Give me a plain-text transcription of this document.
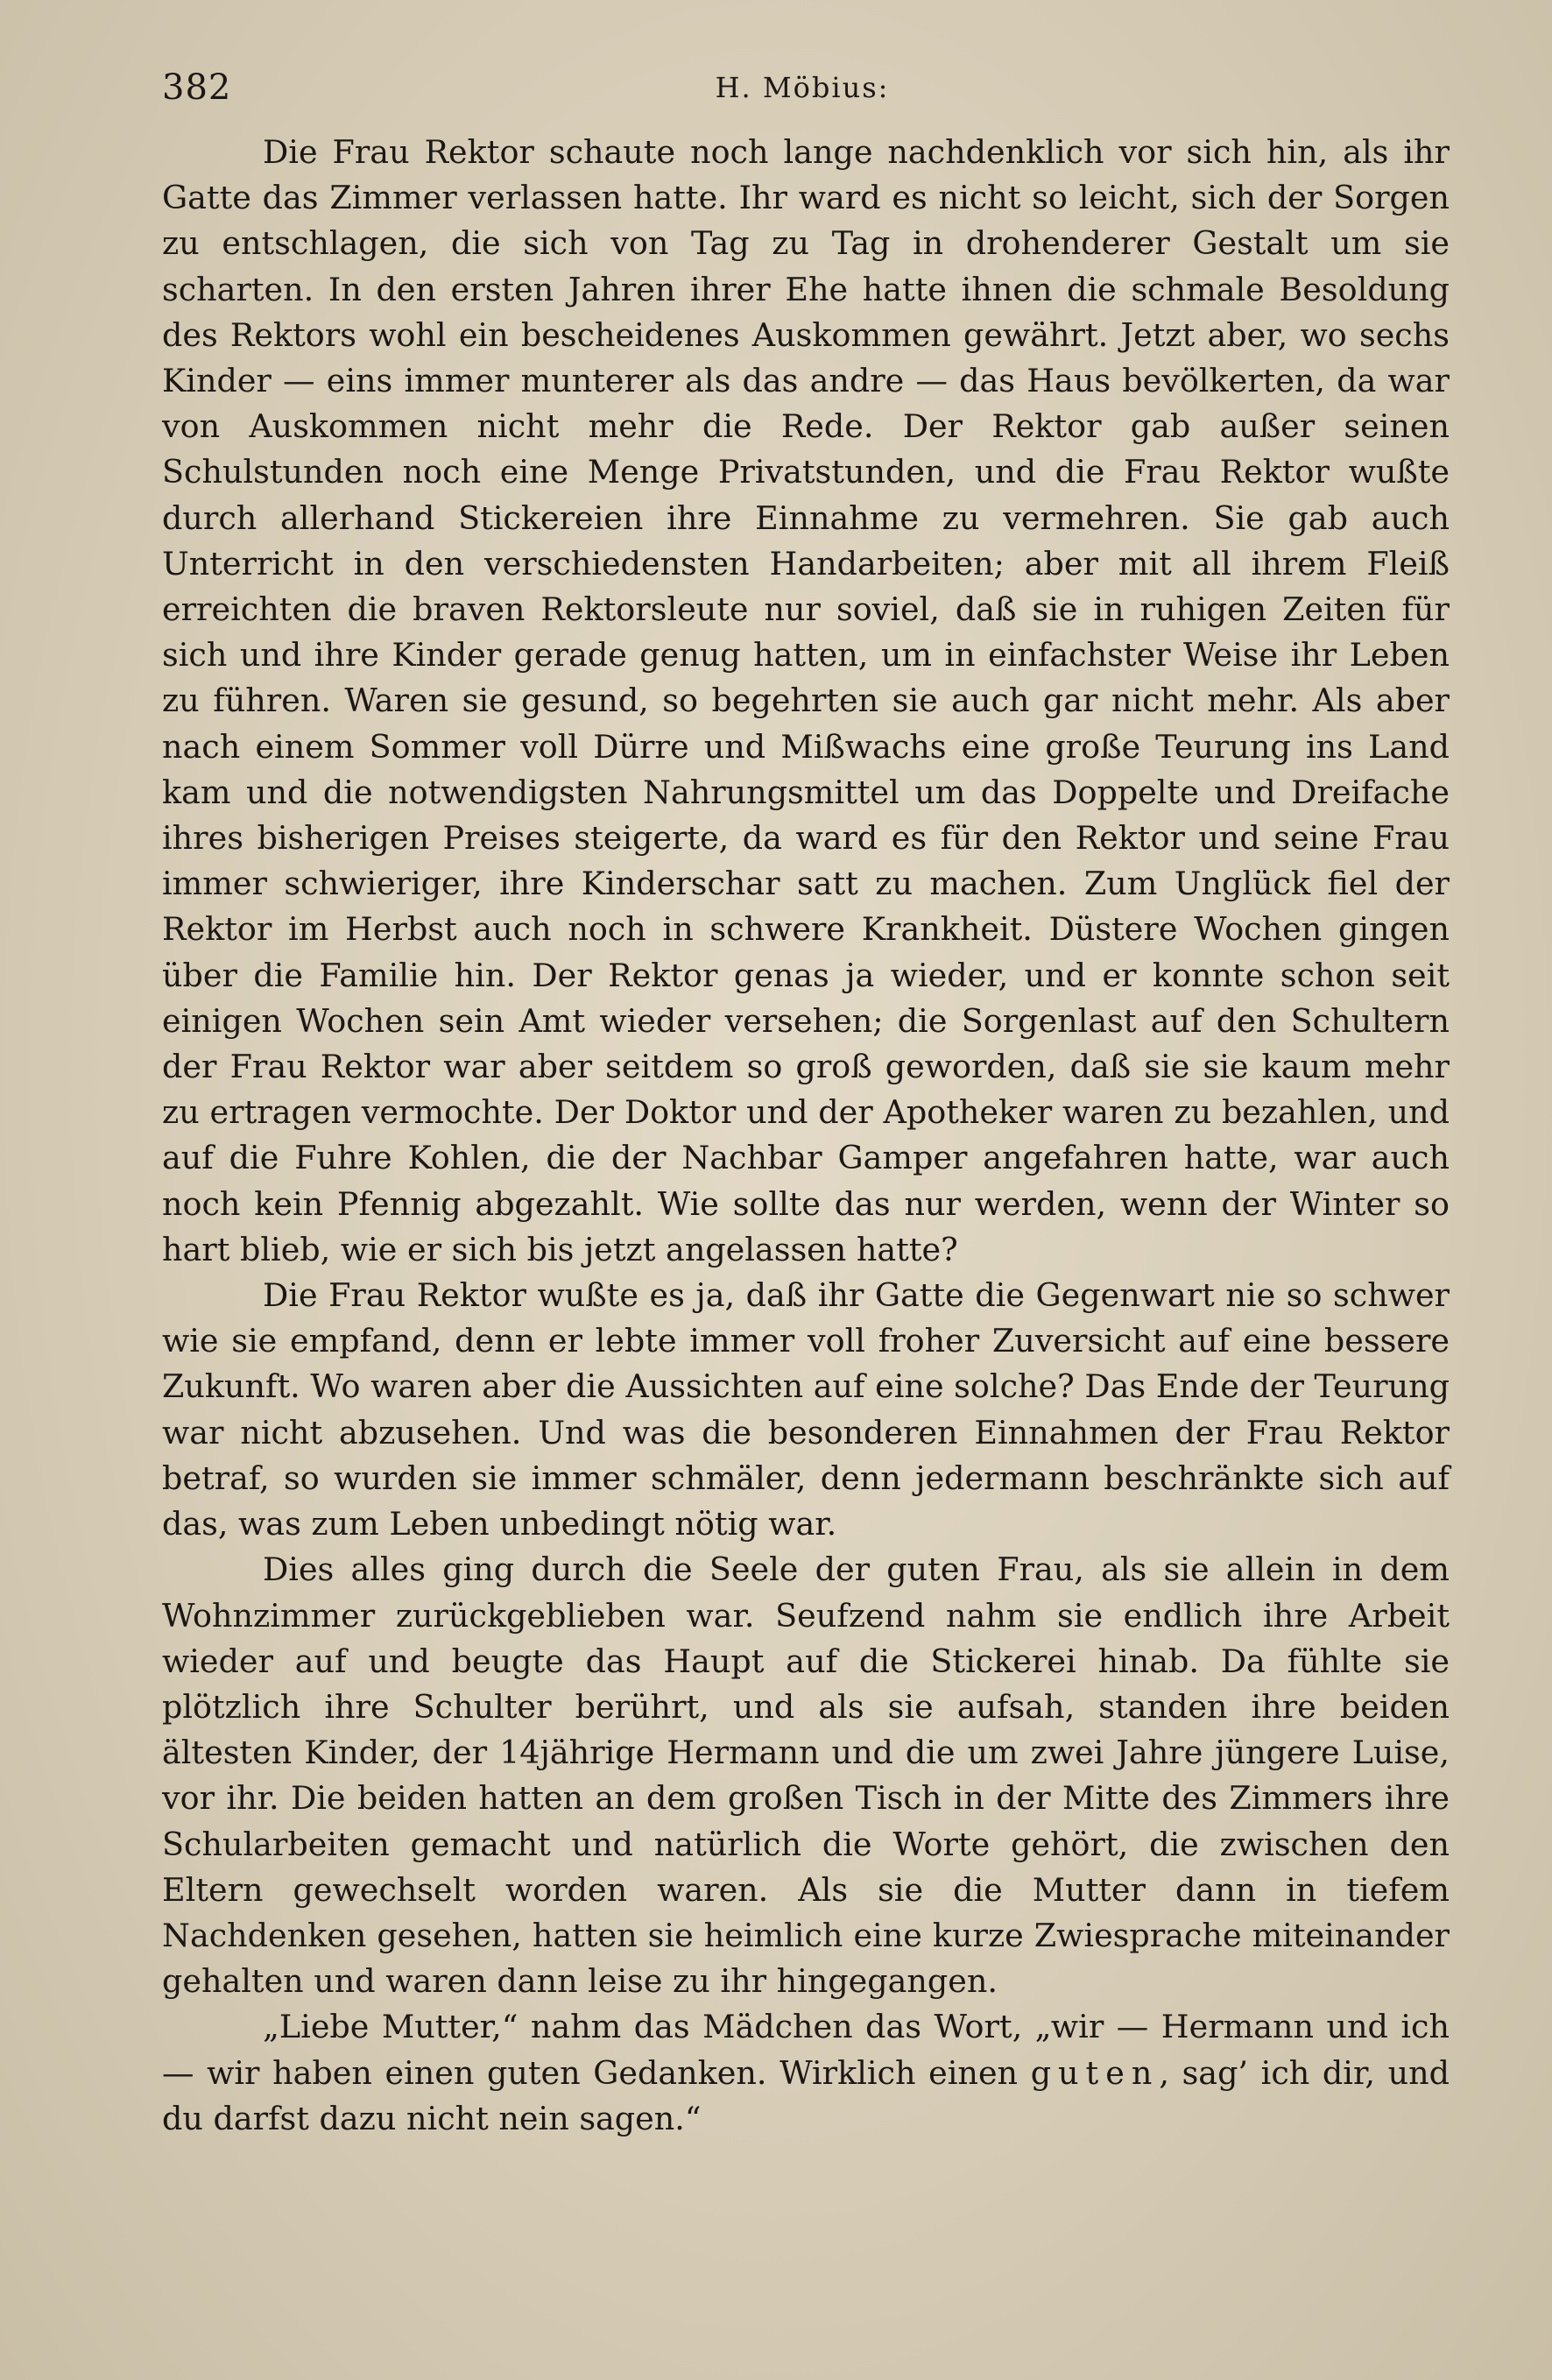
382	H. Möbius:

Die Frau Rektor schaute noch lange nachdenklich vor sich hin, als ihr Gatte das Zimmer verlassen hatte. Ihr ward es nicht so leicht, sich der Sorgen zu entschlagen, die sich von Tag zu Tag in drohenderer Gestalt um sie scharten. In den ersten Jahren ihrer Ehe hatte ihnen die schmale Besoldung des Rektors wohl ein bescheidenes Auskommen gewährt. Jetzt aber, wo sechs Kinder — eins immer munterer als das andre — das Haus bevölkerten, da war von Auskommen nicht mehr die Rede. Der Rektor gab außer seinen Schulstunden noch eine Menge Privatstunden, und die Frau Rektor wußte durch allerhand Stickereien ihre Einnahme zu vermehren. Sie gab auch Unterricht in den verschiedensten Handarbeiten; aber mit all ihrem Fleiß erreichten die braven Rektorsleute nur soviel, daß sie in ruhigen Zeiten für sich und ihre Kinder gerade genug hatten, um in einfachster Weise ihr Leben zu führen. Waren sie gesund, so begehrten sie auch gar nicht mehr. Als aber nach einem Sommer voll Dürre und Mißwachs eine große Teurung ins Land kam und die notwendigsten Nahrungsmittel um das Doppelte und Dreifache ihres bisherigen Preises steigerte, da ward es für den Rektor und seine Frau immer schwieriger, ihre Kinderschar satt zu machen. Zum Unglück fiel der Rektor im Herbst auch noch in schwere Krankheit. Düstere Wochen gingen über die Familie hin. Der Rektor genas ja wieder, und er konnte schon seit einigen Wochen sein Amt wieder versehen; die Sorgenlast auf den Schultern der Frau Rektor war aber seitdem so groß geworden, daß sie sie kaum mehr zu ertragen vermochte. Der Doktor und der Apotheker waren zu bezahlen, und auf die Fuhre Kohlen, die der Nachbar Gamper angefahren hatte, war auch noch kein Pfennig abgezahlt. Wie sollte das nur werden, wenn der Winter so hart blieb, wie er sich bis jetzt angelassen hatte?

Die Frau Rektor wußte es ja, daß ihr Gatte die Gegenwart nie so schwer wie sie empfand, denn er lebte immer voll froher Zuversicht auf eine bessere Zukunft. Wo waren aber die Aussichten auf eine solche? Das Ende der Teurung war nicht abzusehen. Und was die besonderen Einnahmen der Frau Rektor betraf, so wurden sie immer schmäler, denn jedermann beschränkte sich auf das, was zum Leben unbedingt nötig war.

Dies alles ging durch die Seele der guten Frau, als sie allein in dem Wohnzimmer zurückgeblieben war. Seufzend nahm sie endlich ihre Arbeit wieder auf und beugte das Haupt auf die Stickerei hinab. Da fühlte sie plötzlich ihre Schulter berührt, und als sie aufsah, standen ihre beiden ältesten Kinder, der 14jährige Hermann und die um zwei Jahre jüngere Luise, vor ihr. Die beiden hatten an dem großen Tisch in der Mitte des Zimmers ihre Schularbeiten gemacht und natürlich die Worte gehört, die zwischen den Eltern gewechselt worden waren. Als sie die Mutter dann in tiefem Nachdenken gesehen, hatten sie heimlich eine kurze Zwiesprache miteinander gehalten und waren dann leise zu ihr hingegangen.

„Liebe Mutter,“ nahm das Mädchen das Wort, „wir — Hermann und ich — wir haben einen guten Gedanken. Wirklich einen guten, sag’ ich dir, und du darfst dazu nicht nein sagen.“
